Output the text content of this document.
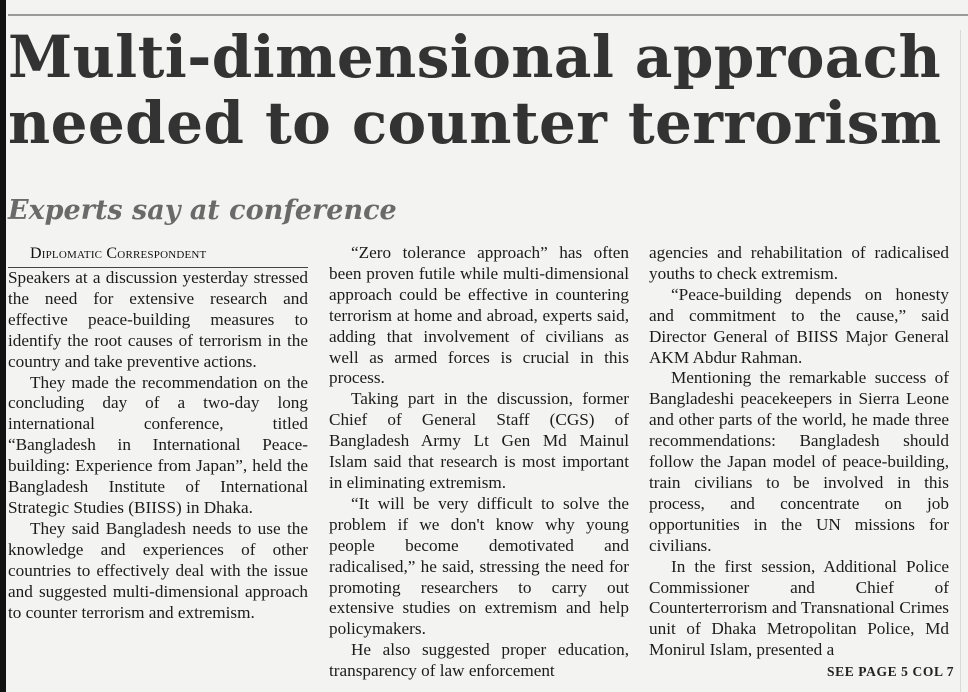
Multi-dimensional approach needed to counter terrorism
Experts say at conference

Diplomatic Correspondent

Speakers at a discussion yesterday stressed the need for extensive research and effective peace-building measures to identify the root causes of terrorism in the country and take preventive actions.

They made the recommendation on the concluding day of a two-day long international conference, titled “Bangladesh in International Peace-building: Experience from Japan”, held the Bangladesh Institute of International Strategic Studies (BIISS) in Dhaka.

They said Bangladesh needs to use the knowledge and experiences of other countries to effectively deal with the issue and suggested multi-dimensional approach to counter terrorism and extremism.

“Zero tolerance approach” has often been proven futile while multi-dimensional approach could be effective in countering terrorism at home and abroad, experts said, adding that involvement of civilians as well as armed forces is crucial in this process.

Taking part in the discussion, former Chief of General Staff (CGS) of Bangladesh Army Lt Gen Md Mainul Islam said that research is most important in eliminating extremism.

“It will be very difficult to solve the problem if we don't know why young people become demotivated and radicalised,” he said, stressing the need for promoting researchers to carry out extensive studies on extremism and help policymakers.

He also suggested proper education, transparency of law enforcement

agencies and rehabilitation of radicalised youths to check extremism.

“Peace-building depends on honesty and commitment to the cause,” said Director General of BIISS Major General AKM Abdur Rahman.

Mentioning the remarkable success of Bangladeshi peacekeepers in Sierra Leone and other parts of the world, he made three recommendations: Bangladesh should follow the Japan model of peace-building, train civilians to be involved in this process, and concentrate on job opportunities in the UN missions for civilians.

In the first session, Additional Police Commissioner and Chief of Counterterrorism and Transnational Crimes unit of Dhaka Metropolitan Police, Md Monirul Islam, presented a

SEE PAGE 5 COL 7
